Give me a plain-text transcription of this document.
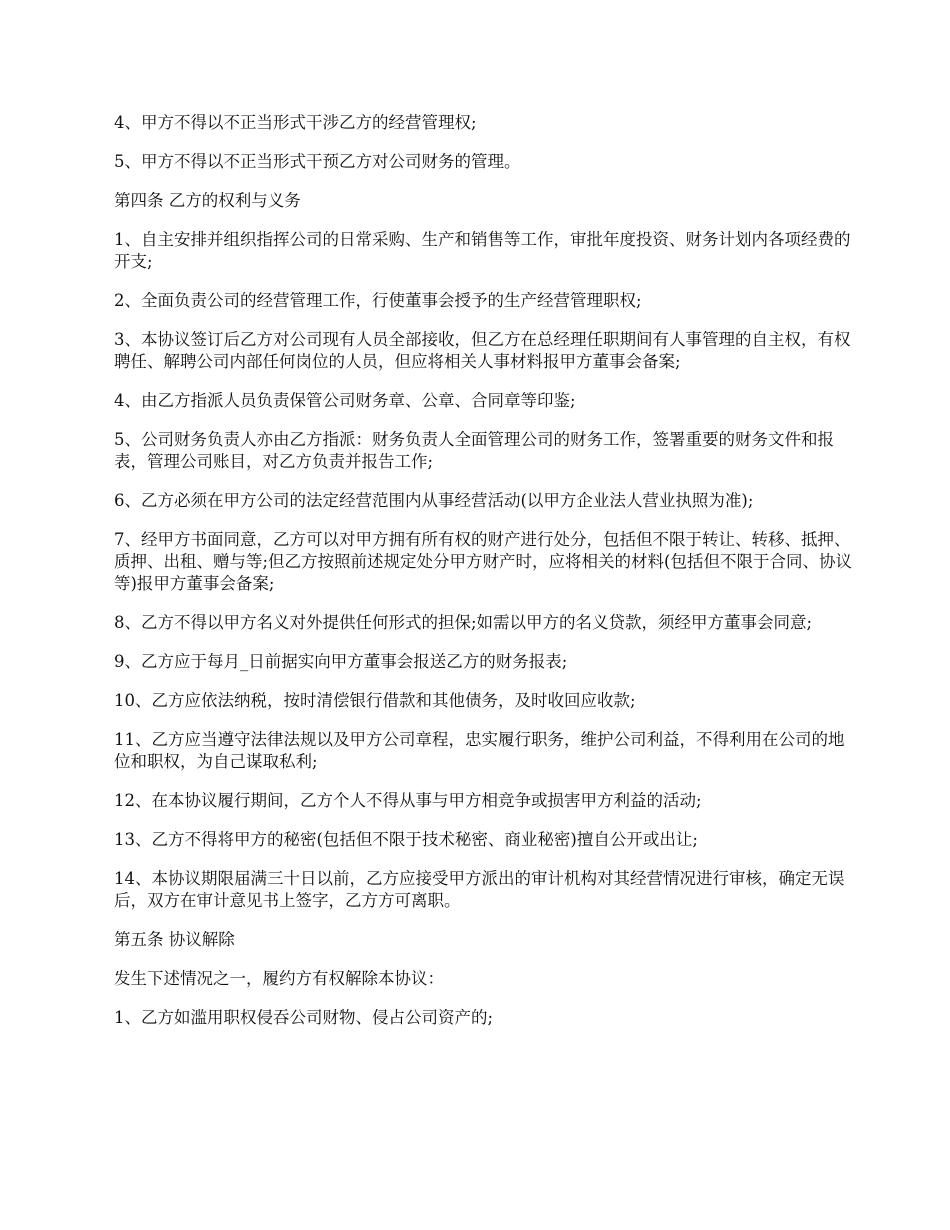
4、甲方不得以不正当形式干涉乙方的经营管理权;

5、甲方不得以不正当形式干预乙方对公司财务的管理。

第四条 乙方的权利与义务

1、自主安排并组织指挥公司的日常采购、生产和销售等工作，审批年度投资、财务计划内各项经费的开支;

2、全面负责公司的经营管理工作，行使董事会授予的生产经营管理职权;

3、本协议签订后乙方对公司现有人员全部接收，但乙方在总经理任职期间有人事管理的自主权，有权聘任、解聘公司内部任何岗位的人员，但应将相关人事材料报甲方董事会备案;

4、由乙方指派人员负责保管公司财务章、公章、合同章等印鉴;

5、公司财务负责人亦由乙方指派：财务负责人全面管理公司的财务工作，签署重要的财务文件和报表，管理公司账目，对乙方负责并报告工作;

6、乙方必须在甲方公司的法定经营范围内从事经营活动(以甲方企业法人营业执照为准);

7、经甲方书面同意，乙方可以对甲方拥有所有权的财产进行处分，包括但不限于转让、转移、抵押、质押、出租、赠与等;但乙方按照前述规定处分甲方财产时，应将相关的材料(包括但不限于合同、协议等)报甲方董事会备案;

8、乙方不得以甲方名义对外提供任何形式的担保;如需以甲方的名义贷款，须经甲方董事会同意;

9、乙方应于每月_日前据实向甲方董事会报送乙方的财务报表;

10、乙方应依法纳税，按时清偿银行借款和其他债务，及时收回应收款;

11、乙方应当遵守法律法规以及甲方公司章程，忠实履行职务，维护公司利益，不得利用在公司的地位和职权，为自己谋取私利;

12、在本协议履行期间，乙方个人不得从事与甲方相竞争或损害甲方利益的活动;

13、乙方不得将甲方的秘密(包括但不限于技术秘密、商业秘密)擅自公开或出让;

14、本协议期限届满三十日以前，乙方应接受甲方派出的审计机构对其经营情况进行审核，确定无误后，双方在审计意见书上签字，乙方方可离职。

第五条 协议解除

发生下述情况之一，履约方有权解除本协议：

1、乙方如滥用职权侵吞公司财物、侵占公司资产的;
